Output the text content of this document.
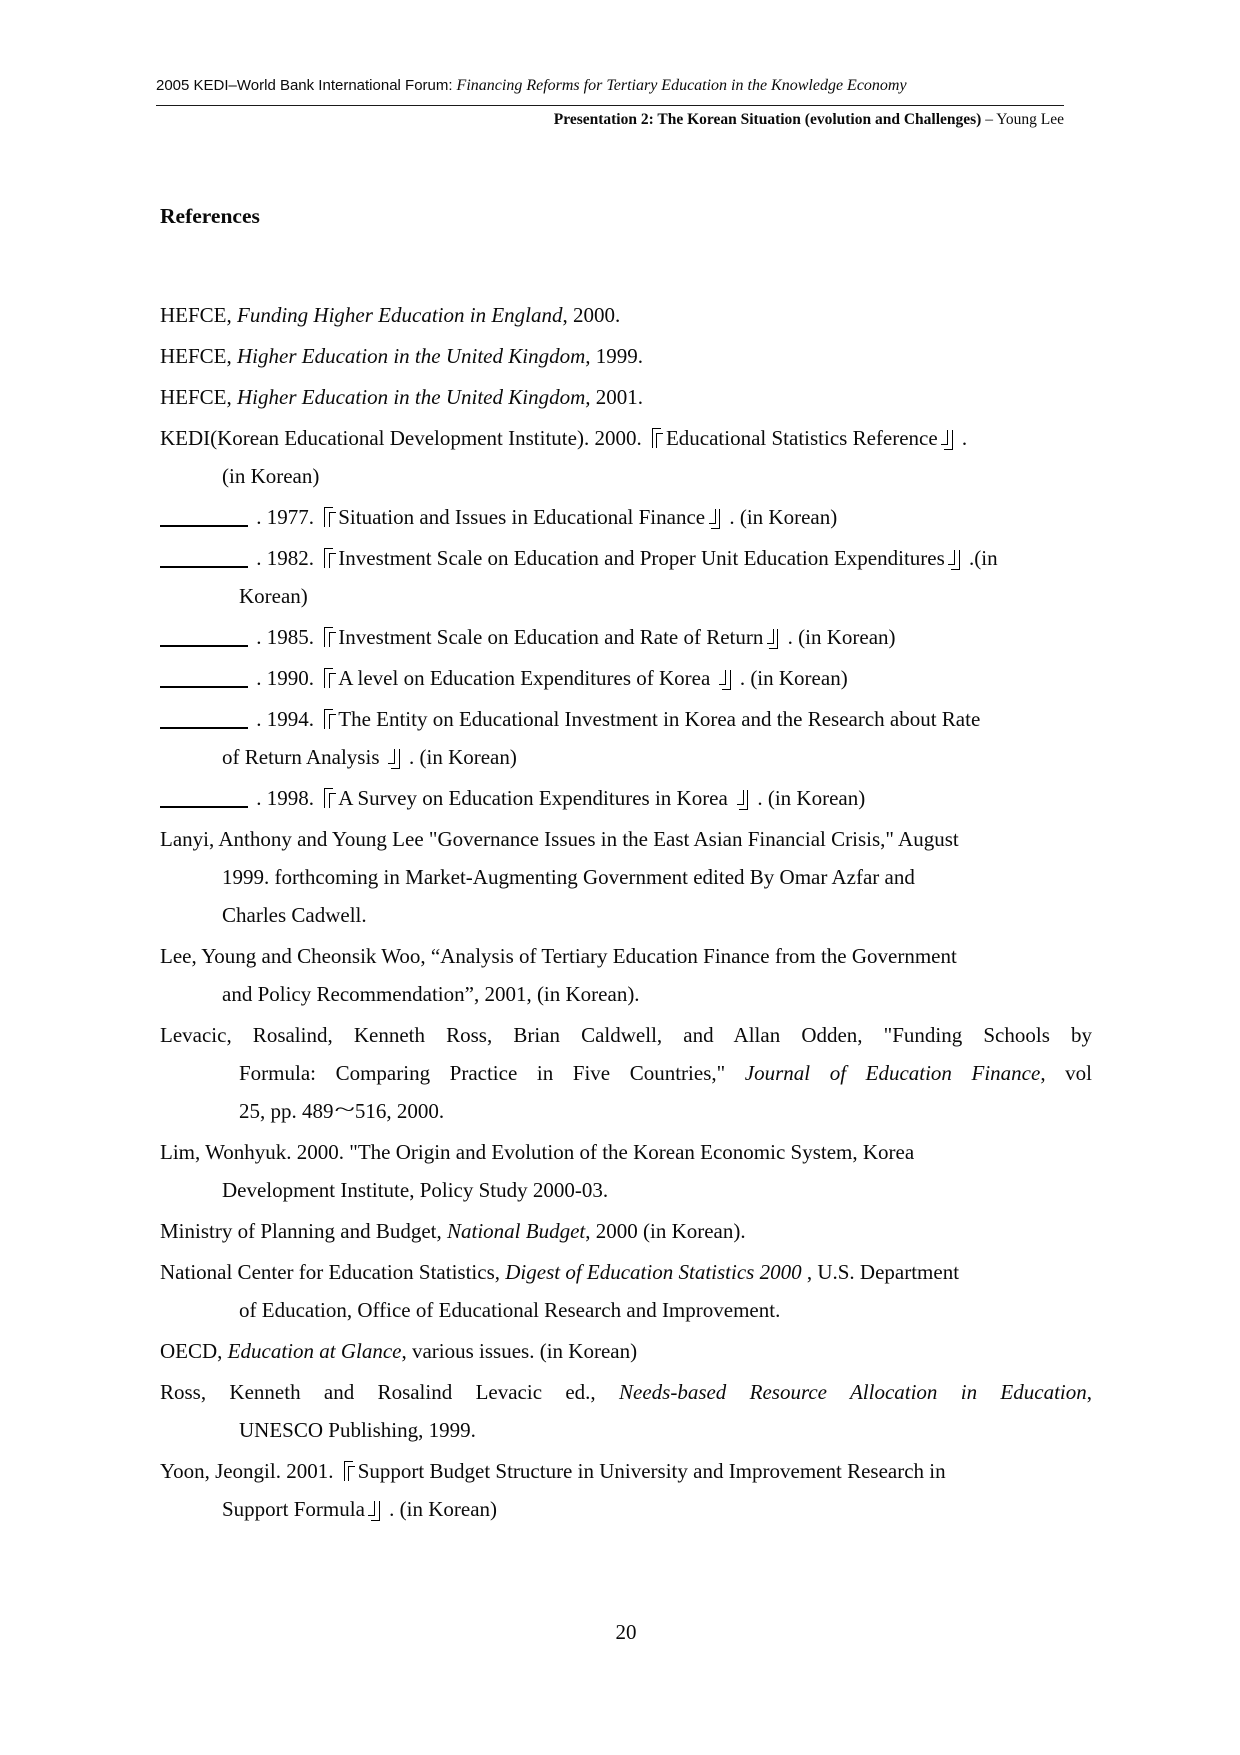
2005 KEDI–World Bank International Forum: Financing Reforms for Tertiary Education in the Knowledge Economy
Presentation 2: The Korean Situation (evolution and Challenges) – Young Lee
References
HEFCE, Funding Higher Education in England, 2000.
HEFCE, Higher Education in the United Kingdom, 1999.
HEFCE, Higher Education in the United Kingdom, 2001.
KEDI(Korean Educational Development Institute). 2000. Educational Statistics Reference .
(in Korean)
. 1977. Situation and Issues in Educational Finance . (in Korean)
. 1982. Investment Scale on Education and Proper Unit Education Expenditures .(in
Korean)
. 1985. Investment Scale on Education and Rate of Return . (in Korean)
. 1990. A level on Education Expenditures of Korea  . (in Korean)
. 1994. The Entity on Educational Investment in Korea and the Research about Rate
of Return Analysis  . (in Korean)
. 1998. A Survey on Education Expenditures in Korea  . (in Korean)
Lanyi, Anthony and Young Lee "Governance Issues in the East Asian Financial Crisis," August
1999. forthcoming in Market-Augmenting Government edited By Omar Azfar and
Charles Cadwell.
Lee, Young and Cheonsik Woo, “Analysis of Tertiary Education Finance from the Government
and Policy Recommendation”, 2001, (in Korean).
Levacic, Rosalind, Kenneth Ross, Brian Caldwell, and Allan Odden, "Funding Schools by
Formula: Comparing Practice in Five Countries," Journal of Education Finance, vol
25, pp. 489~516, 2000.
Lim, Wonhyuk. 2000. "The Origin and Evolution of the Korean Economic System, Korea
Development Institute, Policy Study 2000-03.
Ministry of Planning and Budget, National Budget, 2000 (in Korean).
National Center for Education Statistics, Digest of Education Statistics 2000 , U.S. Department
of Education, Office of Educational Research and Improvement.
OECD, Education at Glance, various issues. (in Korean)
Ross, Kenneth and Rosalind Levacic ed., Needs-based Resource Allocation in Education,
UNESCO Publishing, 1999.
Yoon, Jeongil. 2001. Support Budget Structure in University and Improvement Research in
Support Formula . (in Korean)
20
